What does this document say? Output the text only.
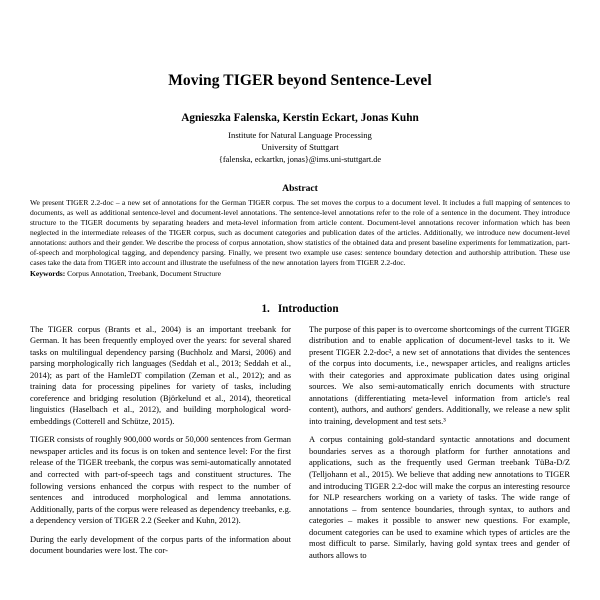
Moving TIGER beyond Sentence-Level
Agnieszka Falenska, Kerstin Eckart, Jonas Kuhn
Institute for Natural Language Processing
University of Stuttgart
{falenska, eckartkn, jonas}@ims.uni-stuttgart.de
Abstract

We present TIGER 2.2-doc – a new set of annotations for the German TIGER corpus. The set moves the corpus to a document level. It includes a full mapping of sentences to documents, as well as additional sentence-level and document-level annotations. The sentence-level annotations refer to the role of a sentence in the document. They introduce structure to the TIGER documents by separating headers and meta-level information from article content. Document-level annotations recover information which has been neglected in the intermediate releases of the TIGER corpus, such as document categories and publication dates of the articles. Additionally, we introduce new document-level annotations: authors and their gender. We describe the process of corpus annotation, show statistics of the obtained data and present baseline experiments for lemmatization, part-of-speech and morphological tagging, and dependency parsing. Finally, we present two example use cases: sentence boundary detection and authorship attribution. These use cases take the data from TIGER into account and illustrate the usefulness of the new annotation layers from TIGER 2.2-doc.

Keywords: Corpus Annotation, Treebank, Document Structure

1. Introduction

The TIGER corpus (Brants et al., 2004) is an important treebank for German. It has been frequently employed over the years: for several shared tasks on multilingual dependency parsing (Buchholz and Marsi, 2006) and parsing morphologically rich languages (Seddah et al., 2013; Seddah et al., 2014); as part of the HamleDT compilation (Zeman et al., 2012); and as training data for processing pipelines for variety of tasks, including coreference and bridging resolution (Björkelund et al., 2014), theoretical linguistics (Haselbach et al., 2012), and building morphological word-embeddings (Cotterell and Schütze, 2015).

TIGER consists of roughly 900,000 words or 50,000 sentences from German newspaper articles and its focus is on token and sentence level: For the first release of the TIGER treebank, the corpus was semi-automatically annotated and corrected with part-of-speech tags and constituent structures. The following versions enhanced the corpus with respect to the number of sentences and introduced morphological and lemma annotations. Additionally, parts of the corpus were released as dependency treebanks, e.g. a dependency version of TIGER 2.2 (Seeker and Kuhn, 2012).

During the early development of the corpus parts of the information about document boundaries were lost. The cor-

The purpose of this paper is to overcome shortcomings of the current TIGER distribution and to enable application of document-level tasks to it. We present TIGER 2.2-doc², a new set of annotations that divides the sentences of the corpus into documents, i.e., newspaper articles, and realigns articles with their categories and approximate publication dates using original sources. We also semi-automatically enrich documents with structure annotations (differentiating meta-level information from article's real content), authors, and authors' genders. Additionally, we release a new split into training, development and test sets.³

A corpus containing gold-standard syntactic annotations and document boundaries serves as a thorough platform for further annotations and applications, such as the frequently used German treebank TüBa-D/Z (Telljohann et al., 2015). We believe that adding new annotations to TIGER and introducing TIGER 2.2-doc will make the corpus an interesting resource for NLP researchers working on a variety of tasks. The wide range of annotations – from sentence boundaries, through syntax, to authors and categories – makes it possible to answer new questions. For example, document categories can be used to examine which types of articles are the most difficult to parse. Similarly, having gold syntax trees and gender of authors allows to
